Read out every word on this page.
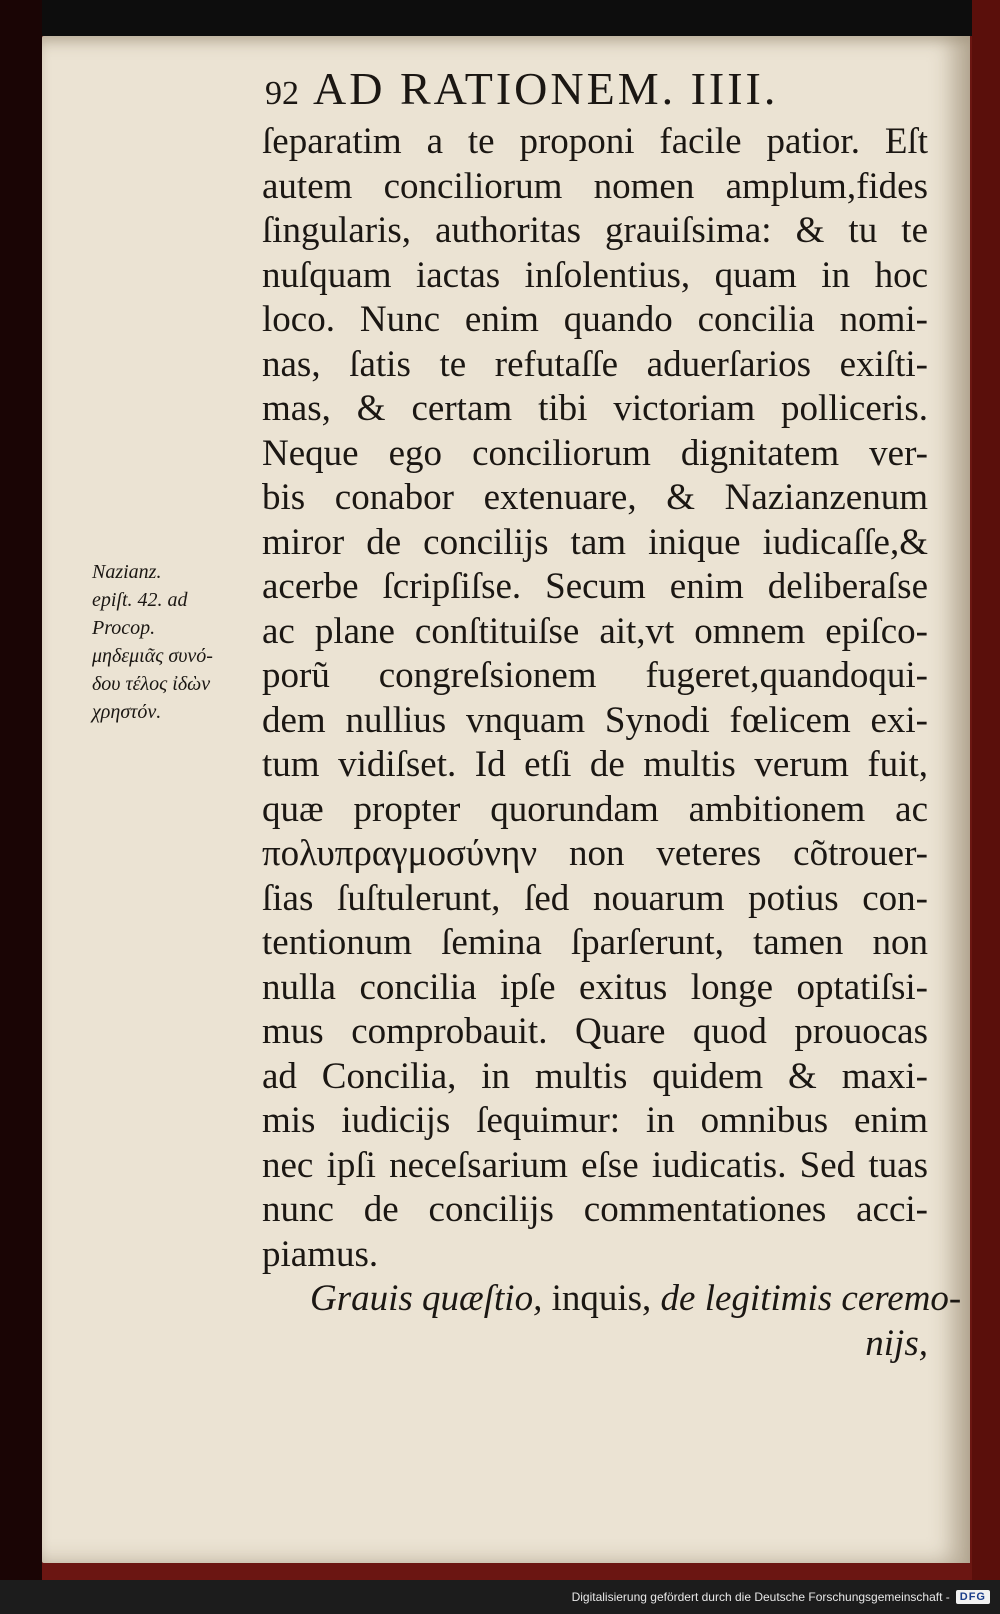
92 AD RATIONEM. IIII.
Nazianz.
epiſt. 42. ad
Procop.
μηδεμιᾶς συνό-
δου τέλος ἰδὼν
χρηστόν.
ſeparatim a te proponi facile patior. Eſt
autem conciliorum nomen amplum,fides
ſingularis, authoritas grauiſsima: & tu te
nuſquam iactas inſolentius, quam in hoc
loco. Nunc enim quando concilia nomi-
nas, ſatis te refutaſſe aduerſarios exiſti-
mas, & certam tibi victoriam polliceris.
Neque ego conciliorum dignitatem ver-
bis conabor extenuare, & Nazianzenum
miror de concilijs tam inique iudicaſſe,&
acerbe ſcripſiſse. Secum enim deliberaſse
ac plane conſtituiſse ait,vt omnem epiſco-
porũ congreſsionem fugeret,quandoqui-
dem nullius vnquam Synodi fœlicem exi-
tum vidiſset. Id etſi de multis verum fuit,
quæ propter quorundam ambitionem ac
πολυπραγμοσύνην non veteres cõtrouer-
ſias ſuſtulerunt, ſed nouarum potius con-
tentionum ſemina ſparſerunt, tamen non
nulla concilia ipſe exitus longe optatiſsi-
mus comprobauit. Quare quod prouocas
ad Concilia, in multis quidem & maxi-
mis iudicijs ſequimur: in omnibus enim
nec ipſi neceſsarium eſse iudicatis. Sed tuas
nunc de concilijs commentationes acci-
piamus.
Grauis quæſtio, inquis, de legitimis ceremo-
nijs,
Digitalisierung gefördert durch die Deutsche Forschungsgemeinschaft - DFG
